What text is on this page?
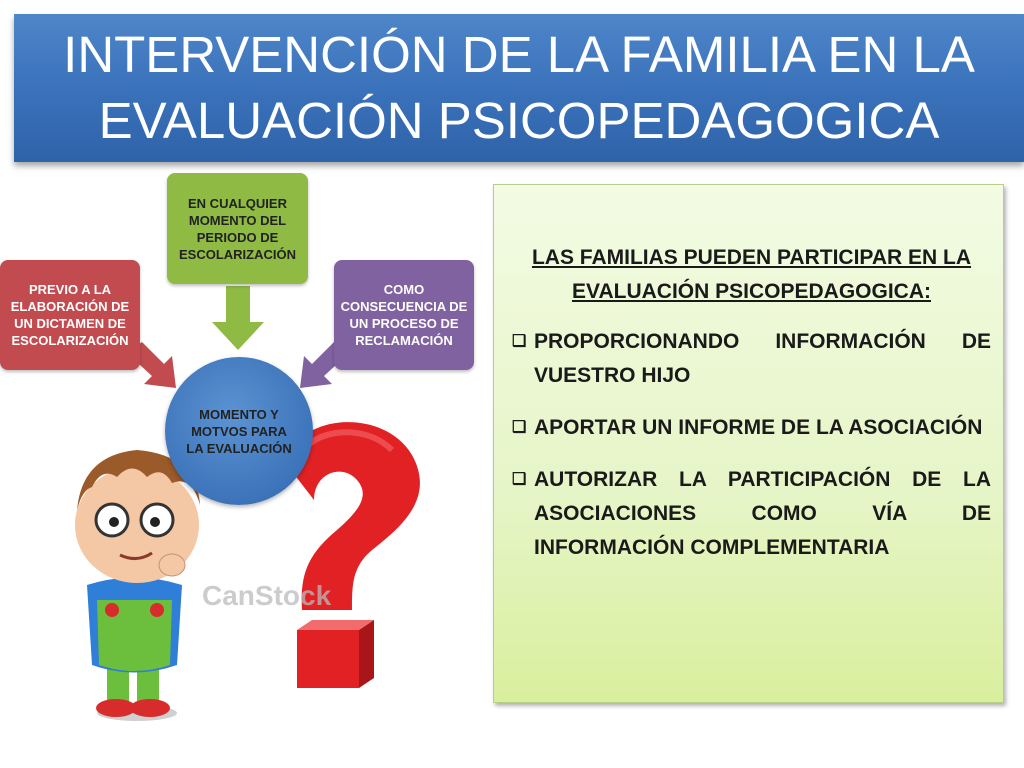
INTERVENCIÓN DE LA FAMILIA EN LA
EVALUACIÓN PSICOPEDAGOGICA
CanStock
EN CUALQUIER MOMENTO DEL PERIODO DE ESCOLARIZACIÓN
PREVIO A LA ELABORACIÓN DE UN DICTAMEN DE ESCOLARIZACIÓN
COMO CONSECUENCIA DE UN PROCESO DE RECLAMACIÓN
MOMENTO Y MOTVOS PARA LA EVALUACIÓN
LAS FAMILIAS PUEDEN PARTICIPAR EN LA EVALUACIÓN PSICOPEDAGOGICA:
❑ PROPORCIONANDO INFORMACIÓN DE VUESTRO HIJO
❑ APORTAR UN INFORME DE LA ASOCIACIÓN
❑ AUTORIZAR LA PARTICIPACIÓN DE LA ASOCIACIONES COMO VÍA DE INFORMACIÓN COMPLEMENTARIA
